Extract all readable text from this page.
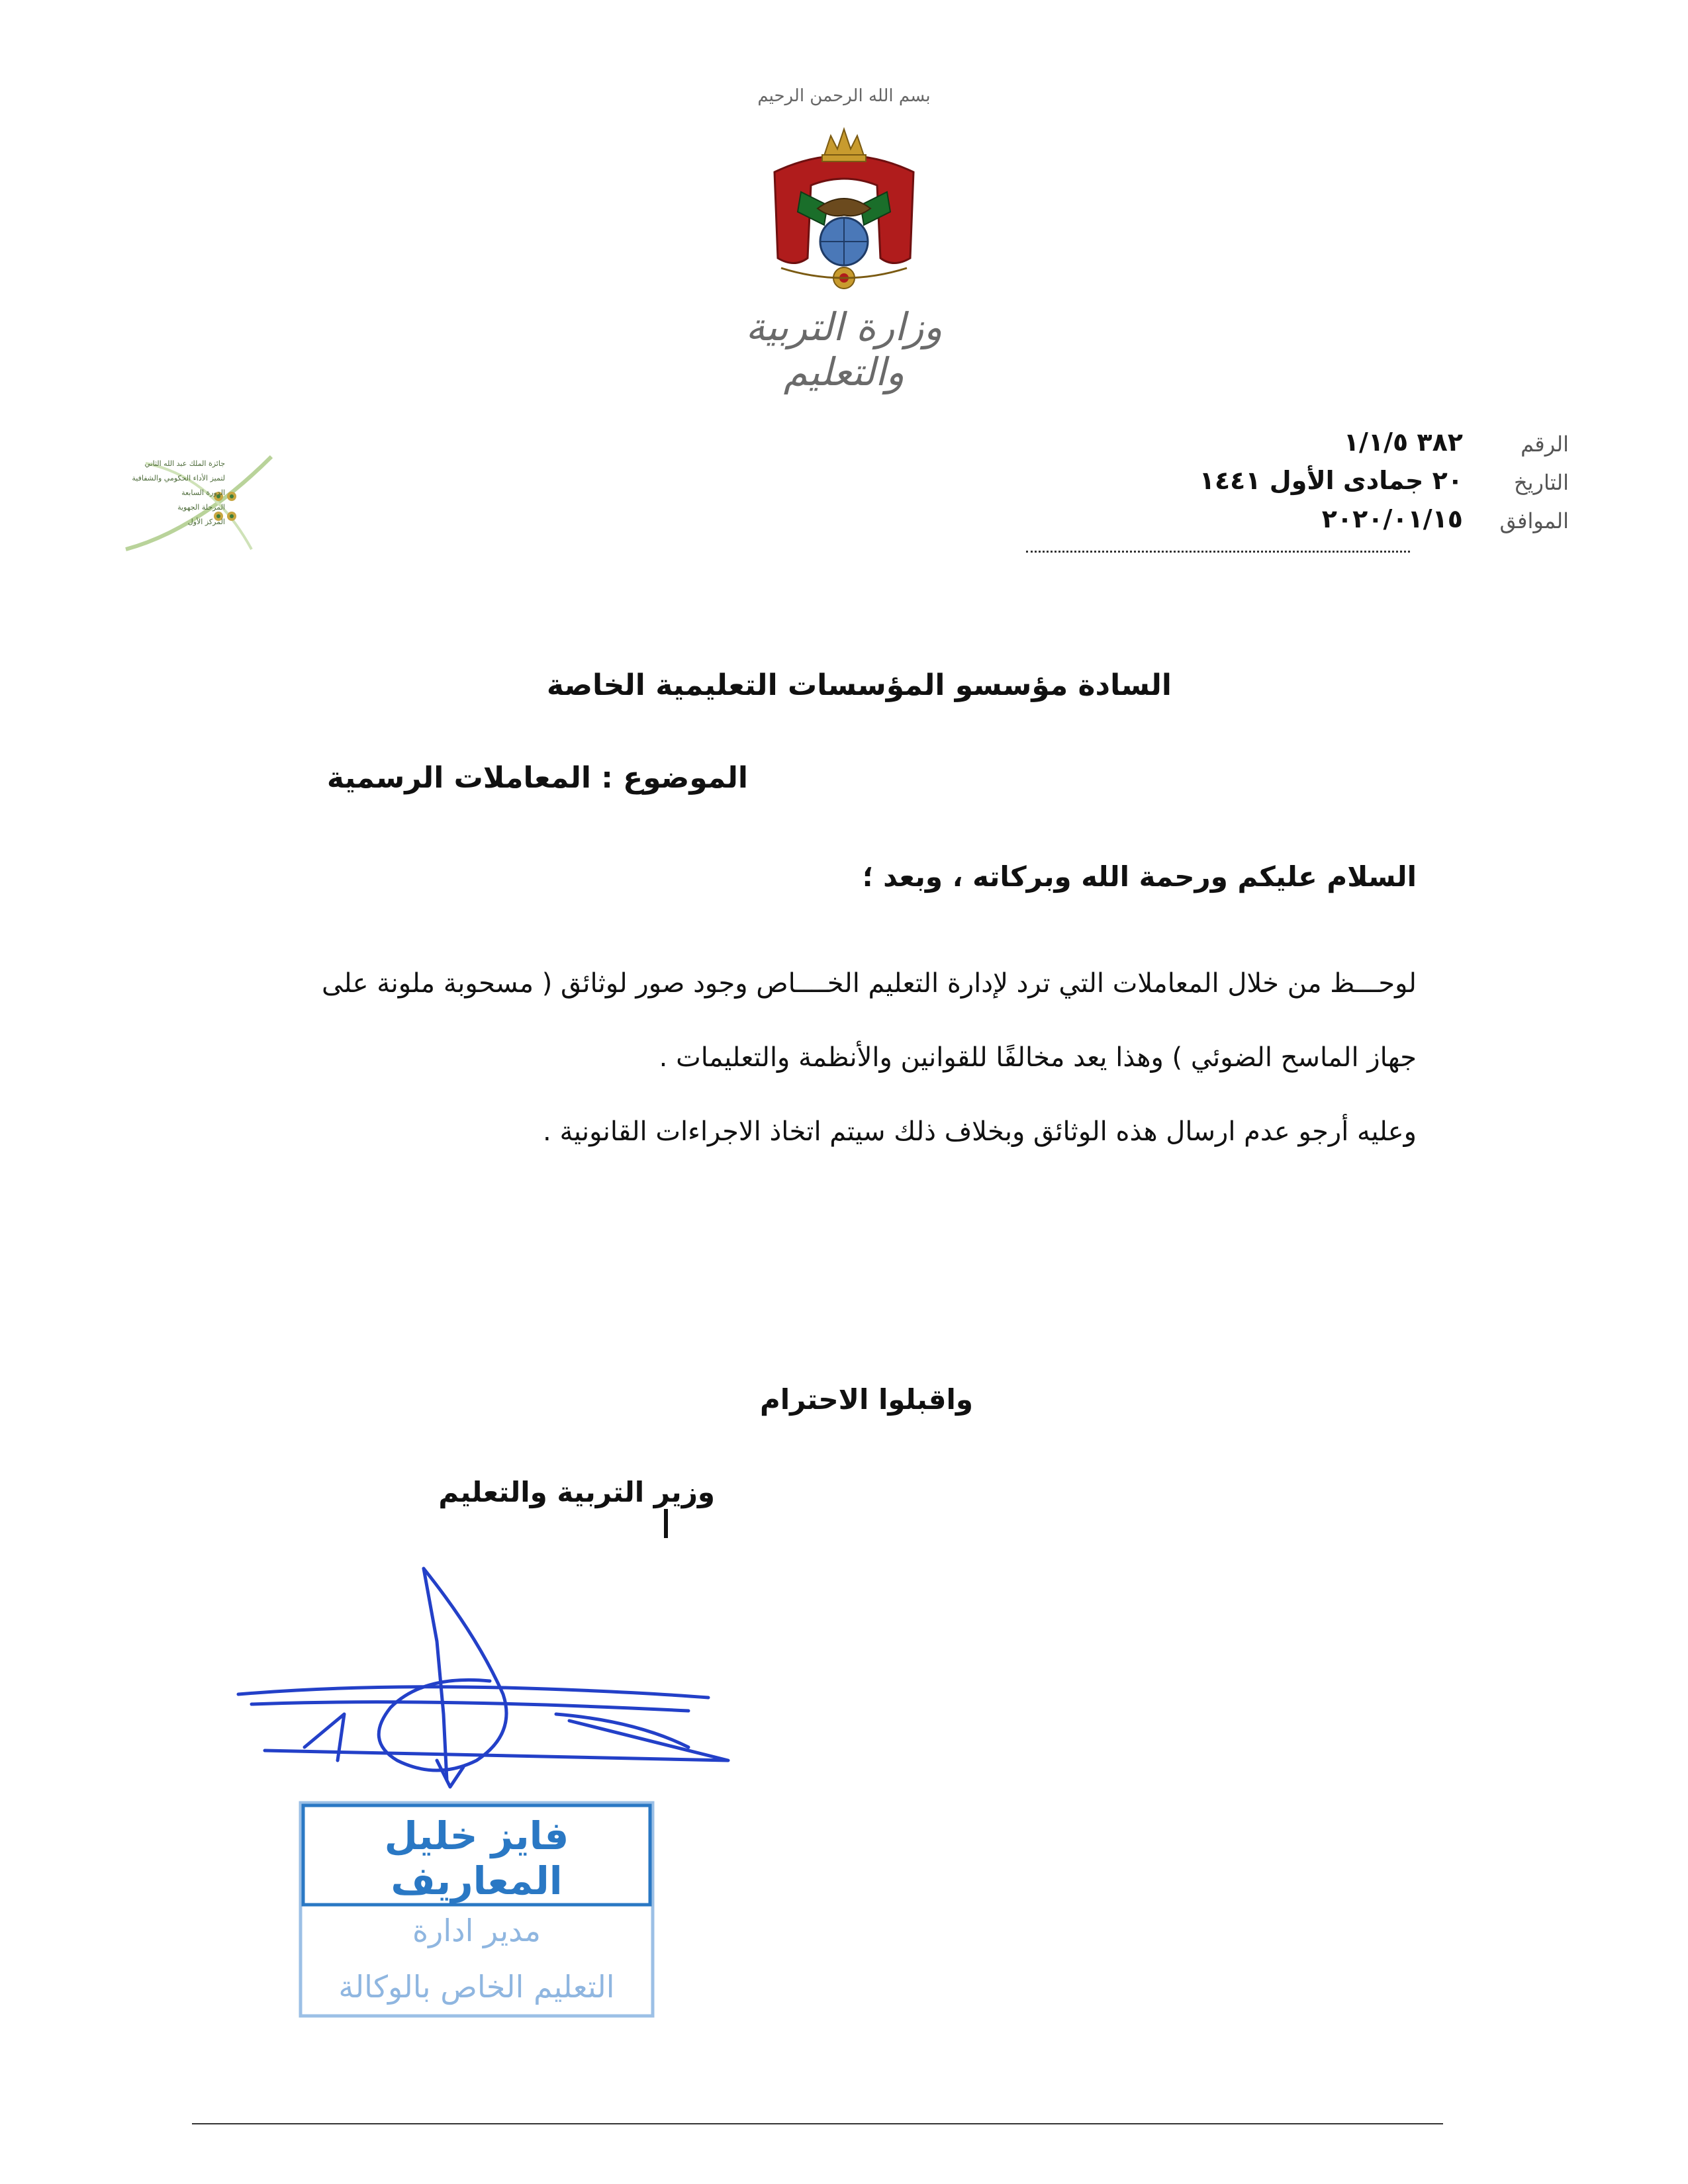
بسم الله الرحمن الرحيم
وزارة التربية والتعليم
جائزة الملك عبد الله الثاني
لتميز الأداء الحكومي والشفافية
الدورة السابعة
المرحلة الجهوية
المركز الأول
الرقم
٣٨٢ ١/١/٥
التاريخ
٢٠ جمادى الأول ١٤٤١
الموافق
٢٠٢٠/٠١/١٥
السادة مؤسسو المؤسسات التعليمية الخاصة
الموضوع : المعاملات الرسمية
السلام عليكم ورحمة الله وبركاته ، وبعد ؛

لوحـــظ من خلال المعاملات التي ترد لإدارة التعليم الخــــاص وجود صور لوثائق ( مسحوبة ملونة على جهاز الماسح الضوئي ) وهذا يعد مخالفًا للقوانين والأنظمة والتعليمات .

وعليه أرجو عدم ارسال هذه الوثائق وبخلاف ذلك سيتم اتخاذ الاجراءات القانونية .

واقبلوا الاحترام
وزير التربية والتعليم
فايز خليل المعاريف
مدير ادارة
التعليم الخاص بالوكالة
